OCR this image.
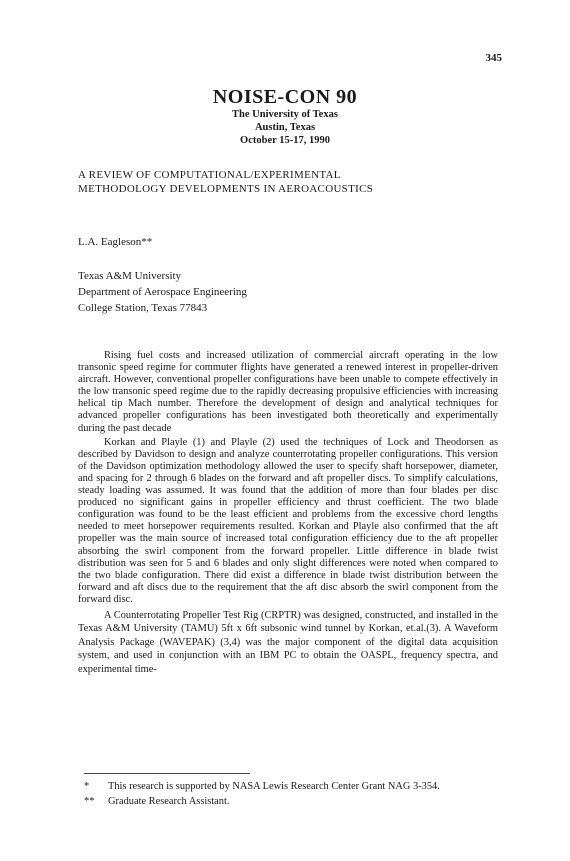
345
NOISE-CON 90
The University of Texas
Austin, Texas
October 15-17, 1990
A REVIEW OF COMPUTATIONAL/EXPERIMENTAL
METHODOLOGY DEVELOPMENTS IN AEROACOUSTICS
L.A. Eagleson**
Texas A&M University
Department of Aerospace Engineering
College Station, Texas 77843

Rising fuel costs and increased utilization of commercial aircraft operating in the low transonic speed regime for commuter flights have generated a renewed interest in propeller-driven aircraft. However, conventional propeller configurations have been unable to compete effectively in the low transonic speed regime due to the rapidly decreasing propulsive efficiencies with increasing helical tip Mach number. Therefore the development of design and analytical techniques for advanced propeller configurations has been investigated both theoretically and experimentally during the past decade

Korkan and Playle (1) and Playle (2) used the techniques of Lock and Theodorsen as described by Davidson to design and analyze counterrotating propeller configurations. This version of the Davidson optimization methodology allowed the user to specify shaft horsepower, diameter, and spacing for 2 through 6 blades on the forward and aft propeller discs. To simplify calculations, steady loading was assumed. It was found that the addition of more than four blades per disc produced no significant gains in propeller efficiency and thrust coefficient. The two blade configuration was found to be the least efficient and problems from the excessive chord lengths needed to meet horsepower requirements resulted. Korkan and Playle also confirmed that the aft propeller was the main source of increased total configuration efficiency due to the aft propeller absorbing the swirl component from the forward propeller. Little difference in blade twist distribution was seen for 5 and 6 blades and only slight differences were noted when compared to the two blade configuration. There did exist a difference in blade twist distribution between the forward and aft discs due to the requirement that the aft disc absorb the swirl component from the forward disc.

A Counterrotating Propeller Test Rig (CRPTR) was designed, constructed, and installed in the Texas A&M University (TAMU) 5ft x 6ft subsonic wind tunnel by Korkan, et.al.(3). A Waveform Analysis Package (WAVEPAK) (3,4) was the major component of the digital data acquisition system, and used in conjunction with an IBM PC to obtain the OASPL, frequency spectra, and experimental time-

* This research is supported by NASA Lewis Research Center Grant NAG 3-354.
** Graduate Research Assistant.
